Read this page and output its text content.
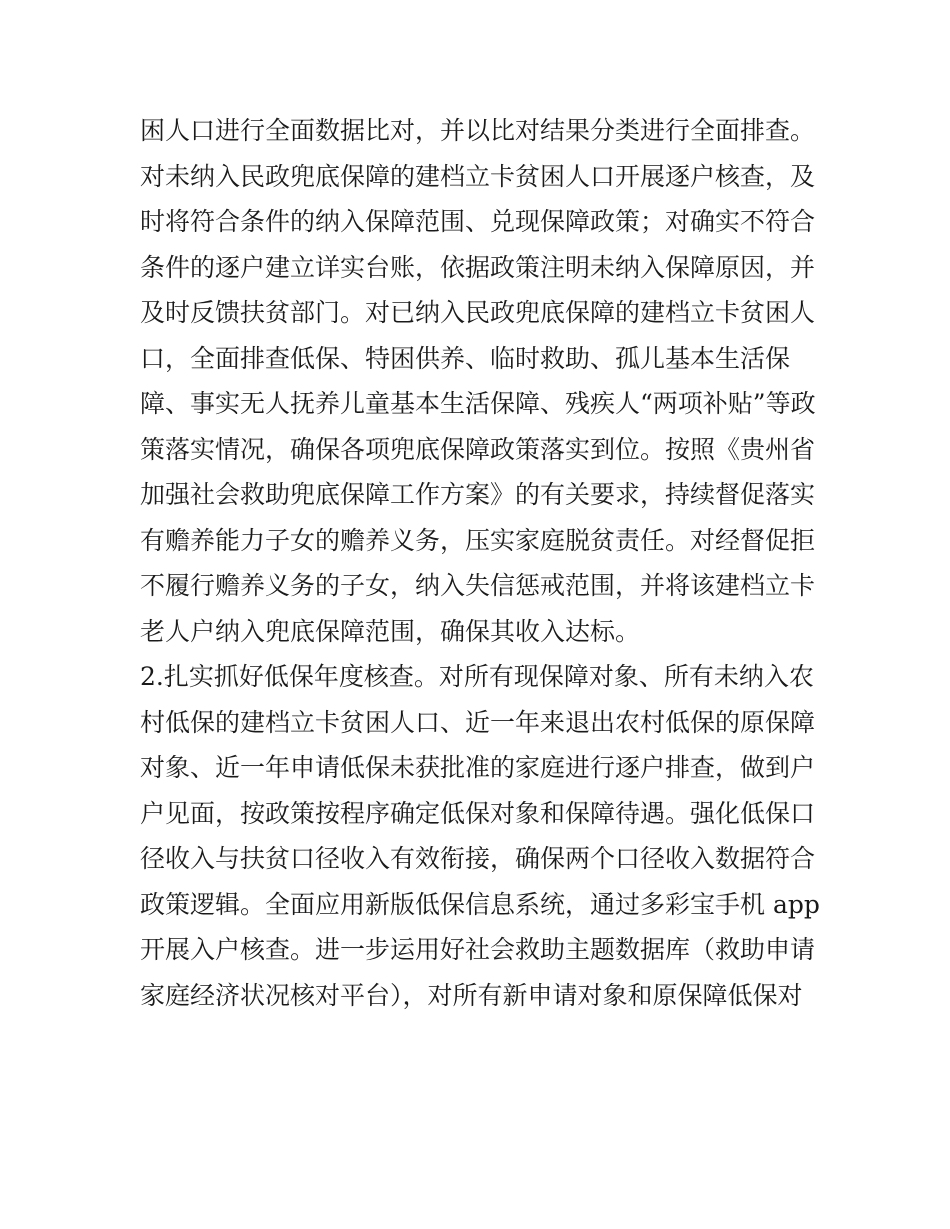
困人口进行全面数据比对，并以比对结果分类进行全面排查。
对未纳入民政兜底保障的建档立卡贫困人口开展逐户核查，及
时将符合条件的纳入保障范围、兑现保障政策；对确实不符合
条件的逐户建立详实台账，依据政策注明未纳入保障原因，并
及时反馈扶贫部门。对已纳入民政兜底保障的建档立卡贫困人
口，全面排查低保、特困供养、临时救助、孤儿基本生活保
障、事实无人抚养儿童基本生活保障、残疾人“两项补贴”等政
策落实情况，确保各项兜底保障政策落实到位。按照《贵州省
加强社会救助兜底保障工作方案》的有关要求，持续督促落实
有赡养能力子女的赡养义务，压实家庭脱贫责任。对经督促拒
不履行赡养义务的子女，纳入失信惩戒范围，并将该建档立卡
老人户纳入兜底保障范围，确保其收入达标。
2.扎实抓好低保年度核查。对所有现保障对象、所有未纳入农
村低保的建档立卡贫困人口、近一年来退出农村低保的原保障
对象、近一年申请低保未获批准的家庭进行逐户排查，做到户
户见面，按政策按程序确定低保对象和保障待遇。强化低保口
径收入与扶贫口径收入有效衔接，确保两个口径收入数据符合
政策逻辑。全面应用新版低保信息系统，通过多彩宝手机 app
开展入户核查。进一步运用好社会救助主题数据库（救助申请
家庭经济状况核对平台），对所有新申请对象和原保障低保对
